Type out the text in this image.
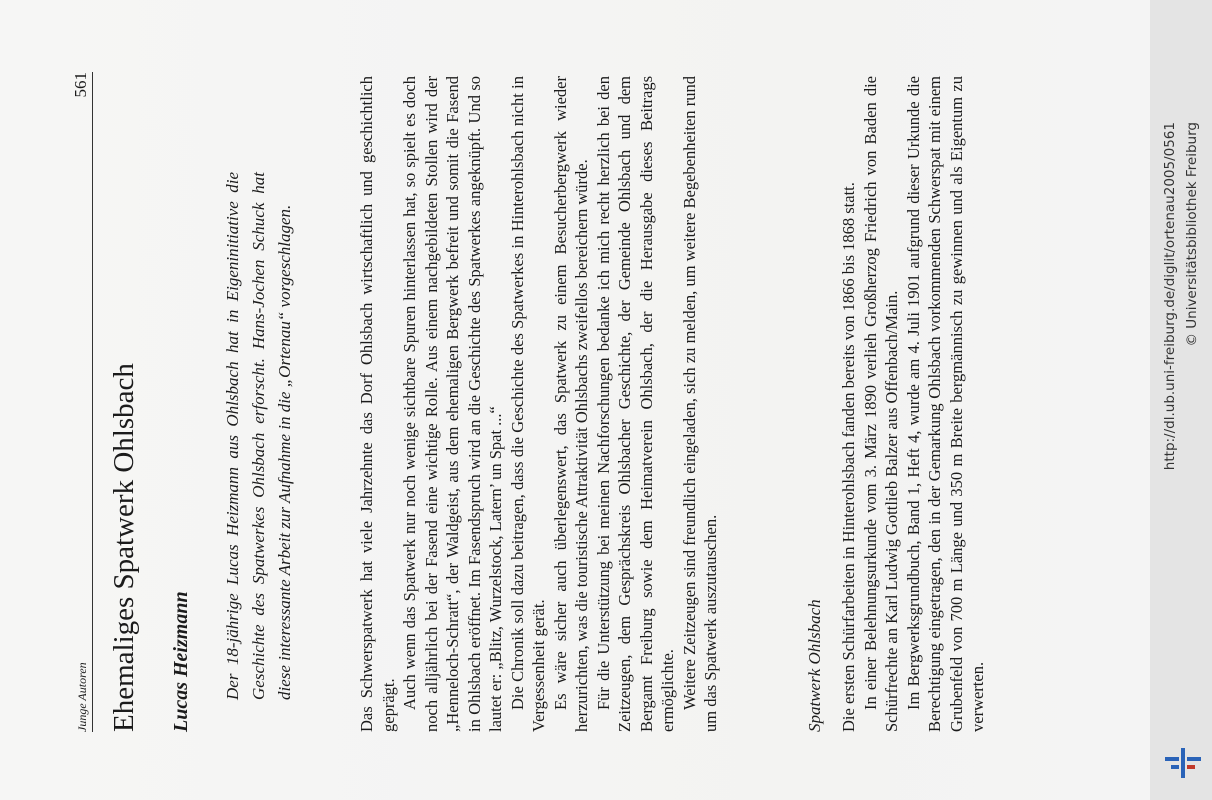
Junge Autoren
561
Ehemaliges Spatwerk Ohlsbach Lucas Heizmann Der 18-jährige Lucas Heizmann aus Ohlsbach hat in Eigeninitiative die Geschichte des Spatwerkes Ohlsbach erforscht. Hans-Jochen Schuck hat diese interessante Arbeit zur Aufnahme in die „Ortenau“ vorgeschlagen.	Das Schwerspatwerk hat viele Jahrzehnte das Dorf Ohlsbach wirtschaftlich und geschichtlich geprägt. Auch wenn das Spatwerk nur noch wenige sichtbare Spuren hinterlassen hat, so spielt es doch noch alljährlich bei der Fasend eine wichtige Rolle. Aus einem nachgebildeten Stollen wird der „Henneloch-Schratt“, der Waldgeist, aus dem ehemaligen Bergwerk befreit und somit die Fasend in Ohlsbach eröffnet. Im Fasendspruch wird an die Geschichte des Spatwerkes angeknüpft. Und so lautet er: „Blitz, Wurzelstock, Latern’ un Spat ...“ Die Chronik soll dazu beitragen, dass die Geschichte des Spatwerkes in Hinterohlsbach nicht in Vergessenheit gerät. Es wäre sicher auch überlegenswert, das Spatwerk zu einem Besucherbergwerk wieder herzurichten, was die touristische Attraktivität Ohlsbachs zweifellos bereichern würde. Für die Unterstützung bei meinen Nachforschungen bedanke ich mich recht herzlich bei den Zeitzeugen, dem Gesprächskreis Ohlsbacher Geschichte, der Gemeinde Ohlsbach und dem Bergamt Freiburg sowie dem Heimatverein Ohlsbach, der die Herausgabe dieses Beitrags ermöglichte. Weitere Zeitzeugen sind freundlich eingeladen, sich zu melden, um weitere Begebenheiten rund um das Spatwerk auszutauschen.	Spatwerk Ohlsbach Die ersten Schürfarbeiten in Hinterohlsbach fanden bereits von 1866 bis 1868 statt. In einer Belehnungsurkunde vom 3. März 1890 verlieh Großherzog Friedrich von Baden die Schürfrechte an Karl Ludwig Gottlieb Balzer aus Offenbach/Main. Im Bergwerksgrundbuch, Band 1, Heft 4, wurde am 4. Juli 1901 aufgrund dieser Urkunde die Berechtigung eingetragen, den in der Gemarkung Ohlsbach vorkommenden Schwerspat mit einem Grubenfeld von 700 m Länge und 350 m Breite bergmännisch zu gewinnen und als Eigentum zu verwerten.

http://dl.ub.uni-freiburg.de/diglit/ortenau2005/0561 © Universitätsbibliothek Freiburg
